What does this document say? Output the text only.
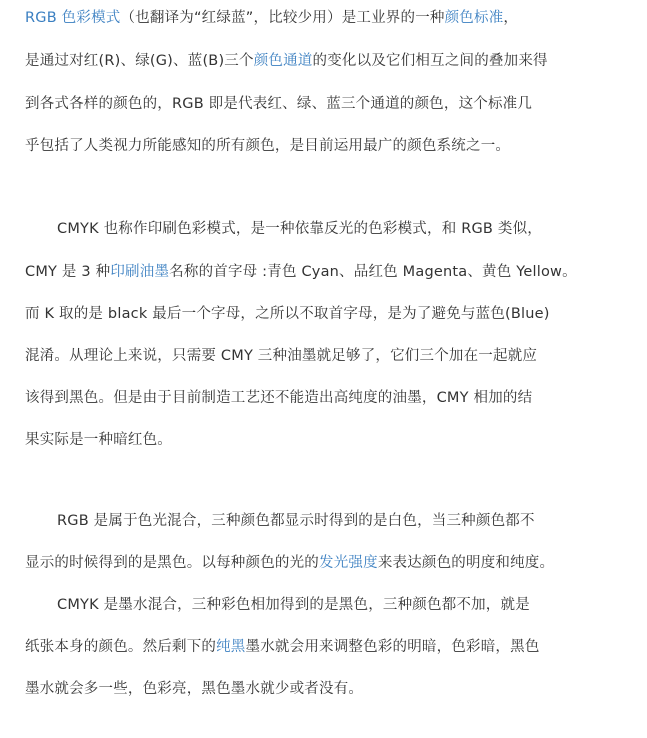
RGB 色彩模式（也翻译为“红绿蓝”，比较少用）是工业界的一种颜色标准，
是通过对红(R)、绿(G)、蓝(B)三个颜色通道的变化以及它们相互之间的叠加来得
到各式各样的颜色的，RGB 即是代表红、绿、蓝三个通道的颜色，这个标准几
乎包括了人类视力所能感知的所有颜色，是目前运用最广的颜色系统之一。
CMYK 也称作印刷色彩模式，是一种依靠反光的色彩模式，和 RGB 类似，
CMY 是 3 种印刷油墨名称的首字母 :青色 Cyan、品红色 Magenta、黄色 Yellow。
而 K 取的是 black 最后一个字母，之所以不取首字母，是为了避免与蓝色(Blue)
混淆。从理论上来说，只需要 CMY 三种油墨就足够了，它们三个加在一起就应
该得到黑色。但是由于目前制造工艺还不能造出高纯度的油墨，CMY 相加的结
果实际是一种暗红色。
RGB 是属于色光混合，三种颜色都显示时得到的是白色，当三种颜色都不
显示的时候得到的是黑色。以每种颜色的光的发光强度来表达颜色的明度和纯度。
CMYK 是墨水混合，三种彩色相加得到的是黑色，三种颜色都不加，就是
纸张本身的颜色。然后剩下的纯黑墨水就会用来调整色彩的明暗，色彩暗，黑色
墨水就会多一些，色彩亮，黑色墨水就少或者没有。
